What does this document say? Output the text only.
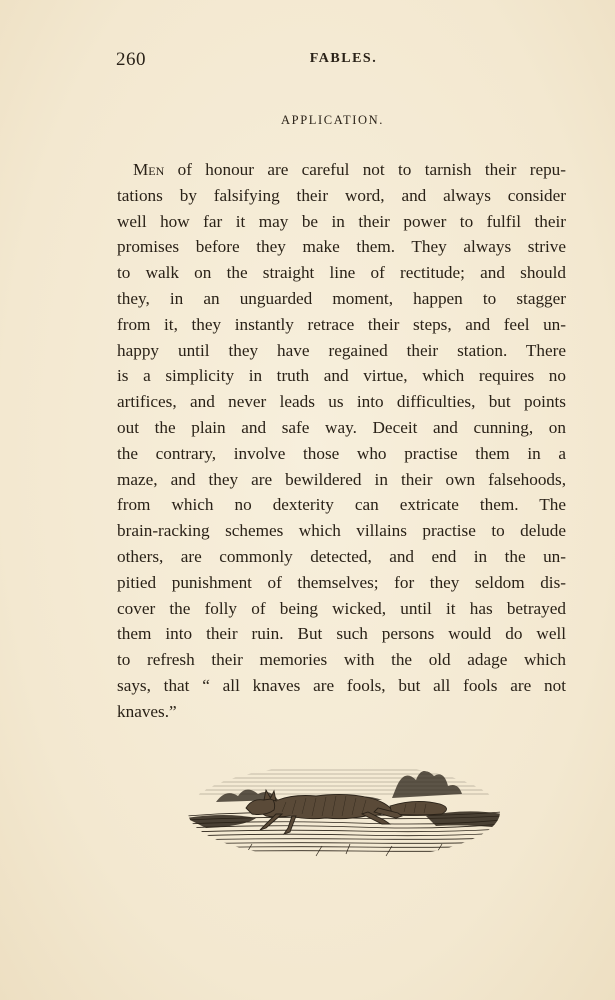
260	FABLES.
APPLICATION.
Men of honour are careful not to tarnish their repu-
tations by falsifying their word, and always consider
well how far it may be in their power to fulfil their
promises before they make them. They always strive
to walk on the straight line of rectitude; and should
they, in an unguarded moment, happen to stagger
from it, they instantly retrace their steps, and feel un-
happy until they have regained their station. There
is a simplicity in truth and virtue, which requires no
artifices, and never leads us into difficulties, but points
out the plain and safe way. Deceit and cunning, on
the contrary, involve those who practise them in a
maze, and they are bewildered in their own falsehoods,
from which no dexterity can extricate them. The
brain-racking schemes which villains practise to delude
others, are commonly detected, and end in the un-
pitied punishment of themselves; for they seldom dis-
cover the folly of being wicked, until it has betrayed
them into their ruin. But such persons would do well
to refresh their memories with the old adage which
says, that “ all knaves are fools, but all fools are not
knaves.”
